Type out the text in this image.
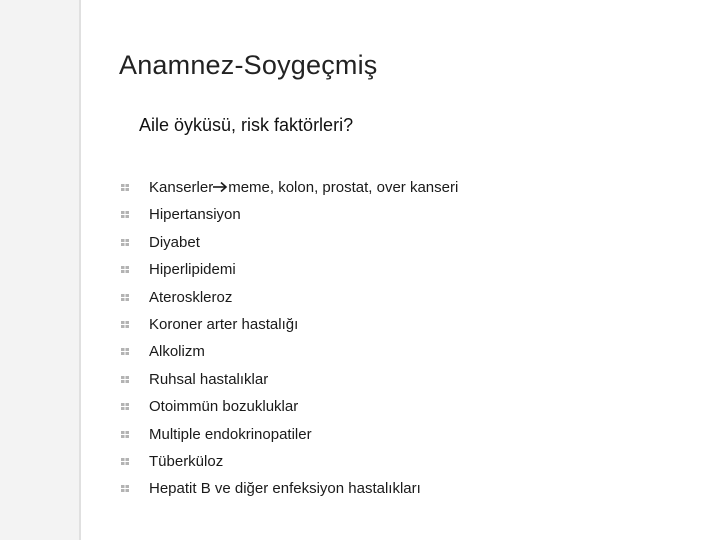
Anamnez-Soygeçmiş
Aile öyküsü, risk faktörleri?
Kanserler meme, kolon, prostat, over kanseri
Hipertansiyon
Diyabet
Hiperlipidemi
Ateroskleroz
Koroner arter hastalığı
Alkolizm
Ruhsal hastalıklar
Otoimmün bozukluklar
Multiple endokrinopatiler
Tüberküloz
Hepatit B ve diğer enfeksiyon hastalıkları
